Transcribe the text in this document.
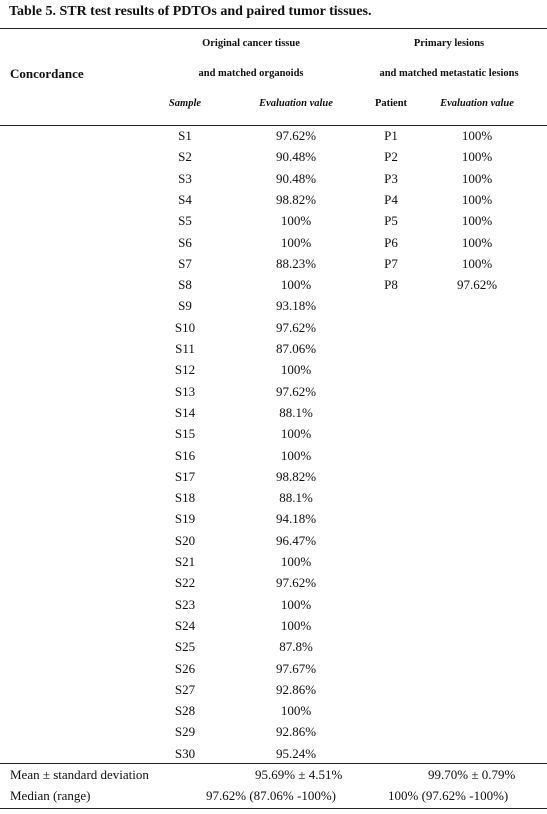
Table 5. STR test results of PDTOs and paired tumor tissues.
Original cancer tissue
and matched organoids
Primary lesions
and matched metastatic lesions
Concordance
Sample	Evaluation value	Patient	Evaluation value
S1	97.62%	P1	100%
S2	90.48%	P2	100%
S3	90.48%	P3	100%
S4	98.82%	P4	100%
S5	100%	P5	100%
S6	100%	P6	100%
S7	88.23%	P7	100%
S8	100%	P8	97.62%
S9	93.18%
S10	97.62%
S11	87.06%
S12	100%
S13	97.62%
S14	88.1%
S15	100%
S16	100%
S17	98.82%
S18	88.1%
S19	94.18%
S20	96.47%
S21	100%
S22	97.62%
S23	100%
S24	100%
S25	87.8%
S26	97.67%
S27	92.86%
S28	100%
S29	92.86%
S30	95.24%
Mean ± standard deviation	95.69% ± 4.51%	99.70% ± 0.79%
Median (range)	97.62% (87.06% -100%)	100% (97.62% -100%)
